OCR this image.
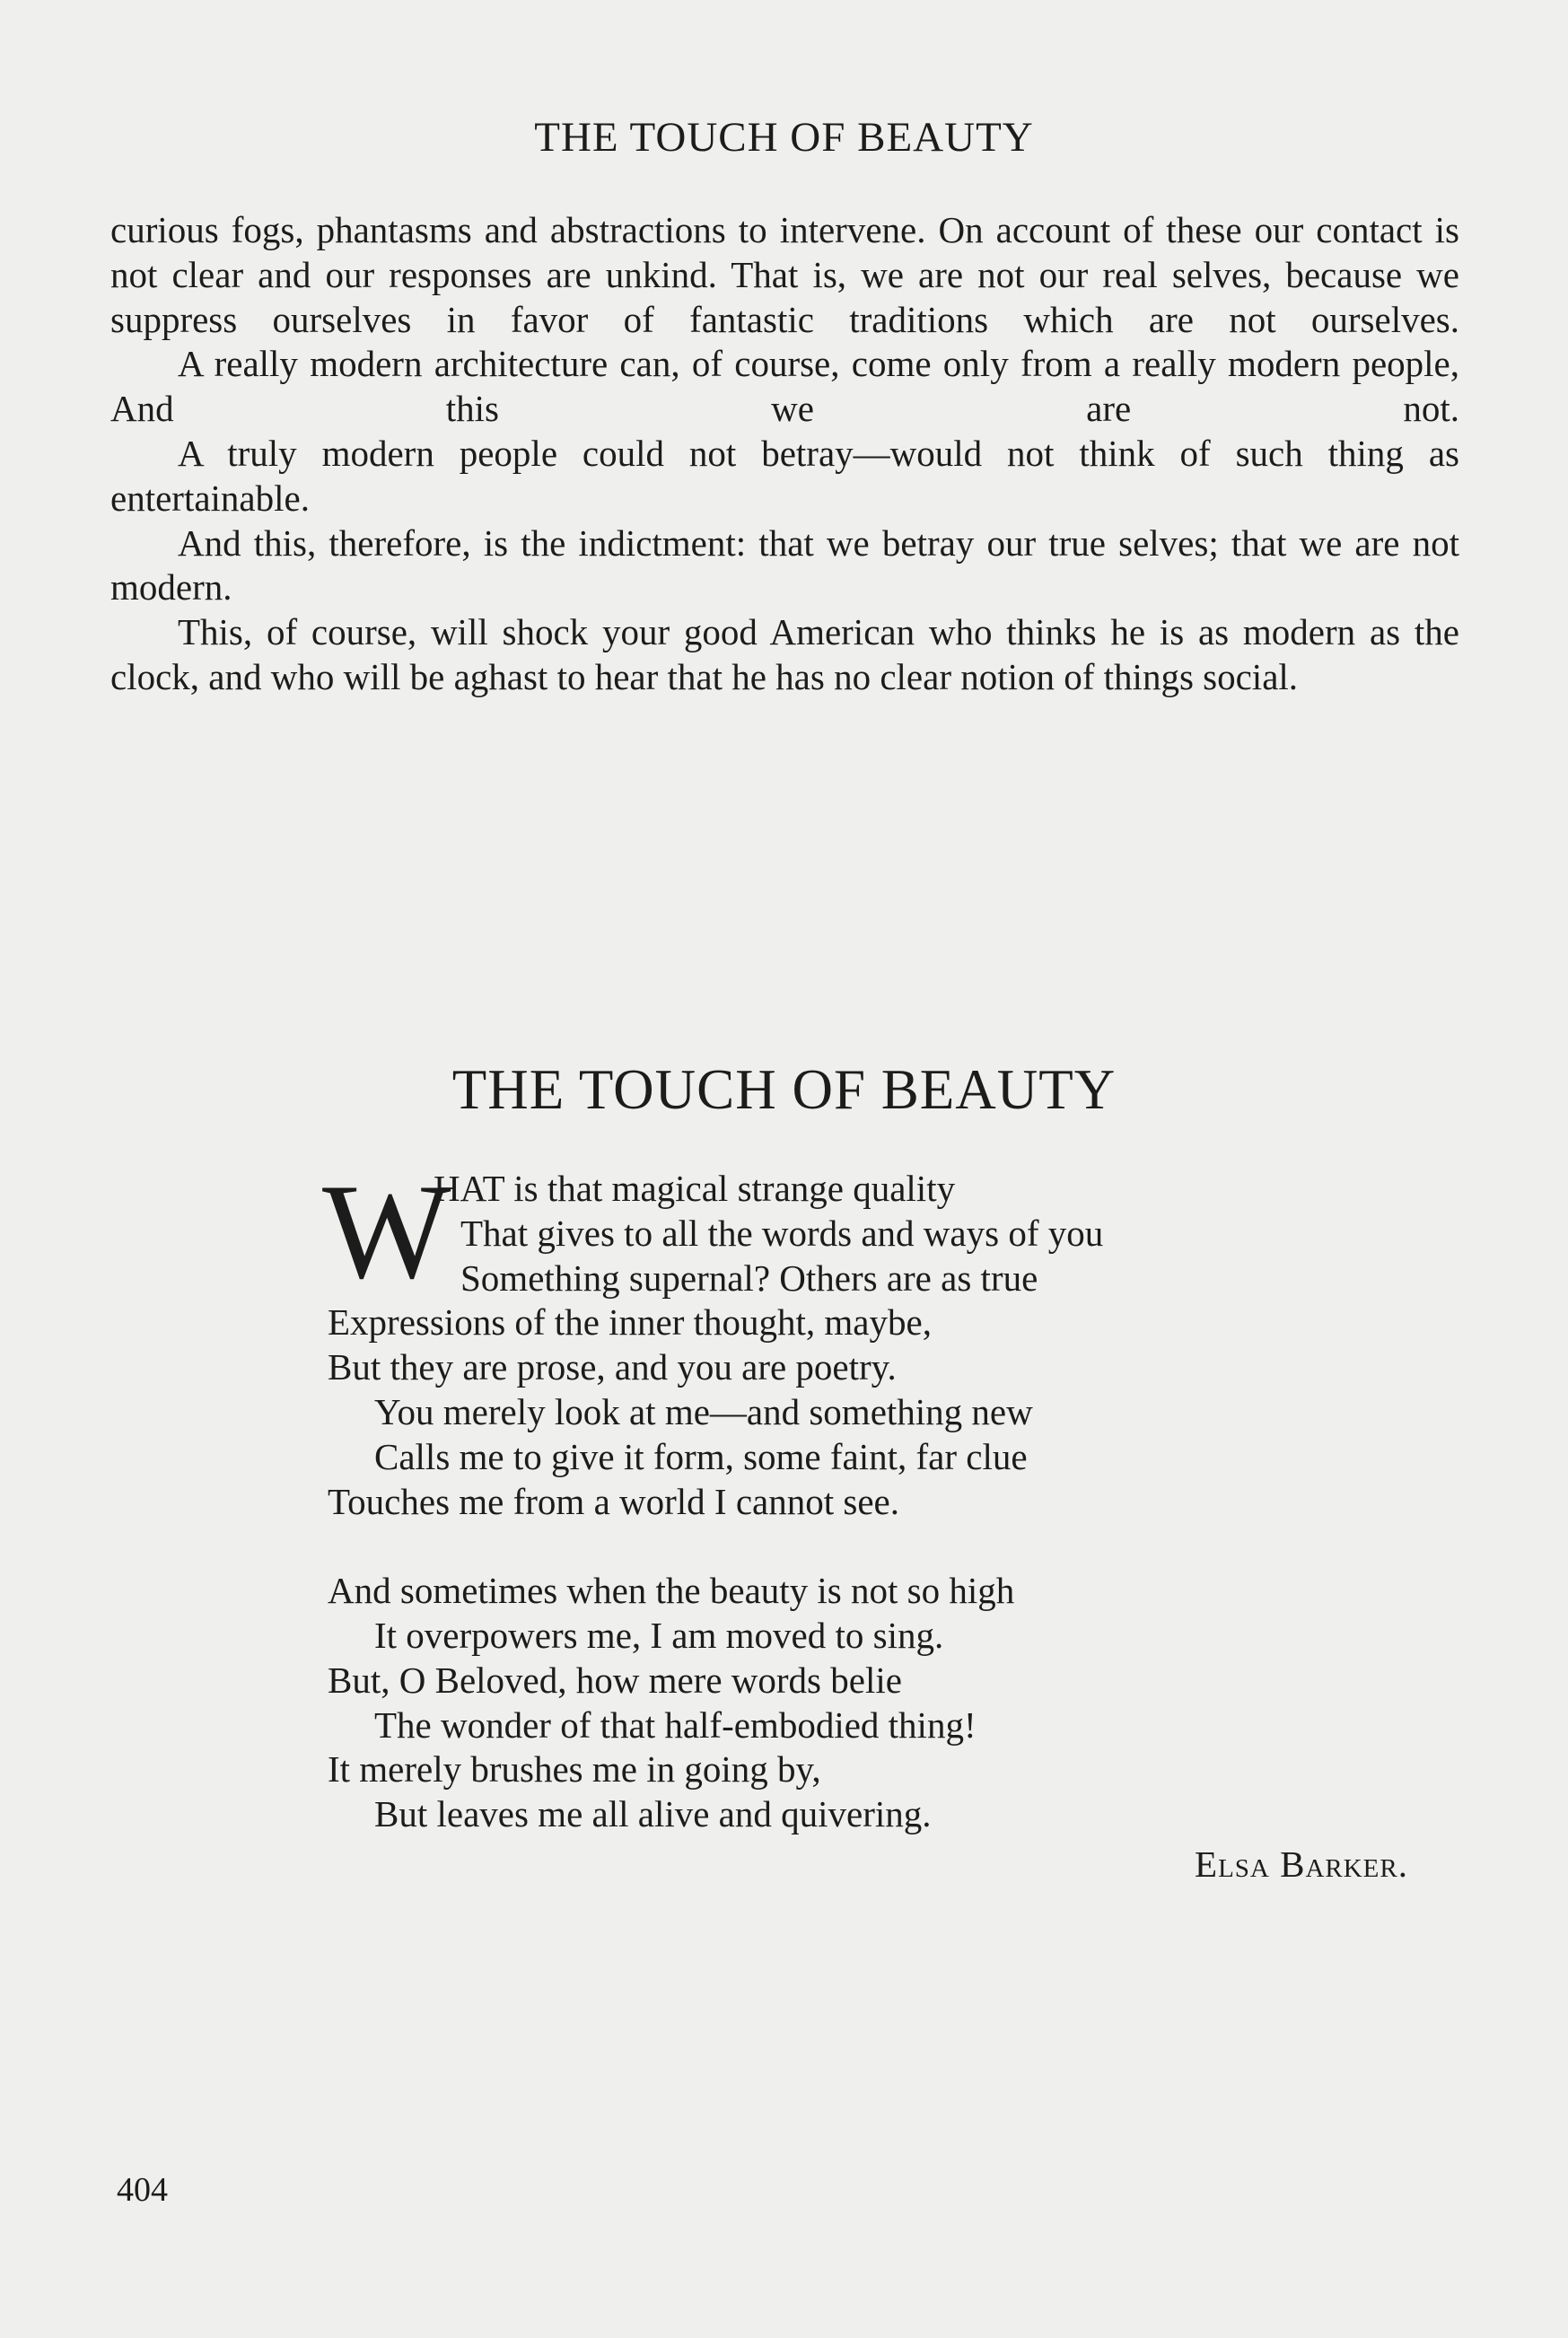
THE TOUCH OF BEAUTY

curious fogs, phantasms and abstractions to intervene. On account of these our contact is not clear and our responses are unkind. That is, we are not our real selves, because we suppress ourselves in favor of fantastic traditions which are not ourselves.

A really modern architecture can, of course, come only from a really modern people, And this we are not.

A truly modern people could not betray—would not think of such thing as entertainable.

And this, therefore, is the indictment: that we betray our true selves; that we are not modern.

This, of course, will shock your good American who thinks he is as modern as the clock, and who will be aghast to hear that he has no clear notion of things social.

THE TOUCH OF BEAUTY
W
HAT is that magical strange quality
That gives to all the words and ways of you
Something supernal? Others are as true
Expressions of the inner thought, maybe,
But they are prose, and you are poetry.
You merely look at me—and something new
Calls me to give it form, some faint, far clue
Touches me from a world I cannot see.
And sometimes when the beauty is not so high
It overpowers me, I am moved to sing.
But, O Beloved, how mere words belie
The wonder of that half-embodied thing!
It merely brushes me in going by,
But leaves me all alive and quivering.
Elsa Barker.
404
